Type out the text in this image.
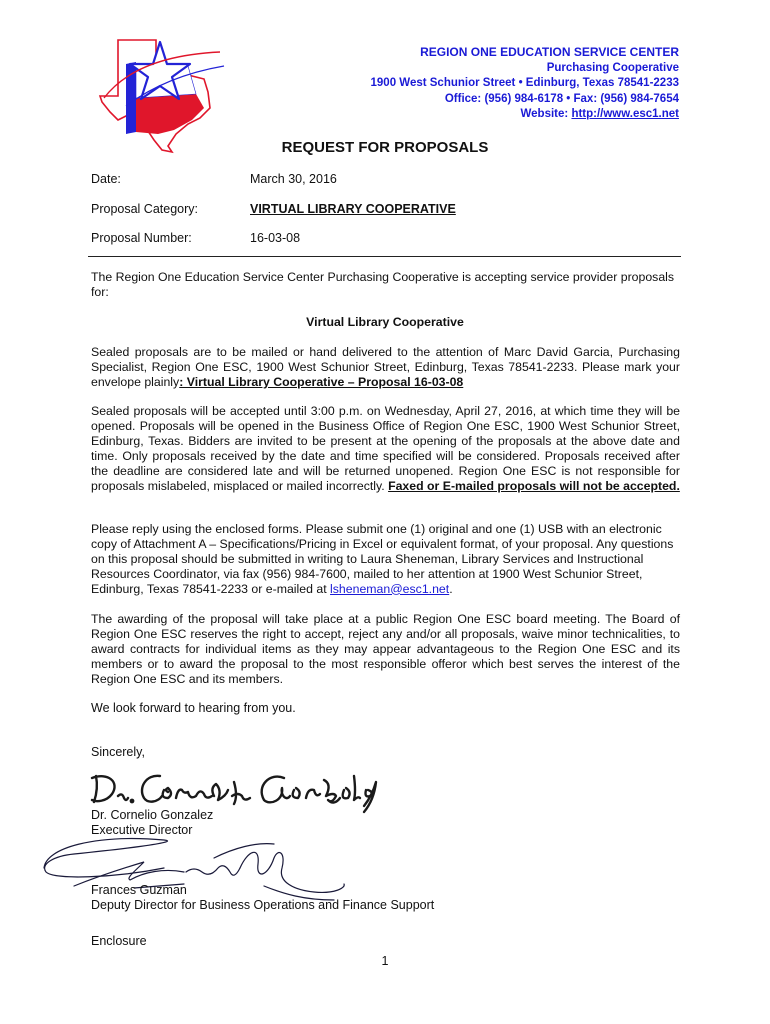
REGION ONE EDUCATION SERVICE CENTER
Purchasing Cooperative
1900 West Schunior Street • Edinburg, Texas 78541-2233
Office: (956) 984-6178 • Fax: (956) 984-7654
Website: http://www.esc1.net
REQUEST FOR PROPOSALS
Date:	March 30, 2016
Proposal Category:	VIRTUAL LIBRARY COOPERATIVE
Proposal Number:	16-03-08
The Region One Education Service Center Purchasing Cooperative is accepting service provider proposals for:
Virtual Library Cooperative
Sealed proposals are to be mailed or hand delivered to the attention of Marc David Garcia, Purchasing Specialist, Region One ESC, 1900 West Schunior Street, Edinburg, Texas 78541-2233. Please mark your envelope plainly: Virtual Library Cooperative – Proposal 16-03-08
Sealed proposals will be accepted until 3:00 p.m. on Wednesday, April 27, 2016, at which time they will be opened. Proposals will be opened in the Business Office of Region One ESC, 1900 West Schunior Street, Edinburg, Texas. Bidders are invited to be present at the opening of the proposals at the above date and time. Only proposals received by the date and time specified will be considered. Proposals received after the deadline are considered late and will be returned unopened. Region One ESC is not responsible for proposals mislabeled, misplaced or mailed incorrectly. Faxed or E-mailed proposals will not be accepted.
Please reply using the enclosed forms. Please submit one (1) original and one (1) USB with an electronic copy of Attachment A – Specifications/Pricing in Excel or equivalent format, of your proposal. Any questions on this proposal should be submitted in writing to Laura Sheneman, Library Services and Instructional Resources Coordinator, via fax (956) 984-7600, mailed to her attention at 1900 West Schunior Street, Edinburg, Texas 78541-2233 or e-mailed at lsheneman@esc1.net.
The awarding of the proposal will take place at a public Region One ESC board meeting. The Board of Region One ESC reserves the right to accept, reject any and/or all proposals, waive minor technicalities, to award contracts for individual items as they may appear advantageous to the Region One ESC and its members or to award the proposal to the most responsible offeror which best serves the interest of the Region One ESC and its members.
We look forward to hearing from you.
Sincerely,
Dr. Cornelio Gonzalez
Executive Director
Frances Guzman
Deputy Director for Business Operations and Finance Support
Enclosure
1
